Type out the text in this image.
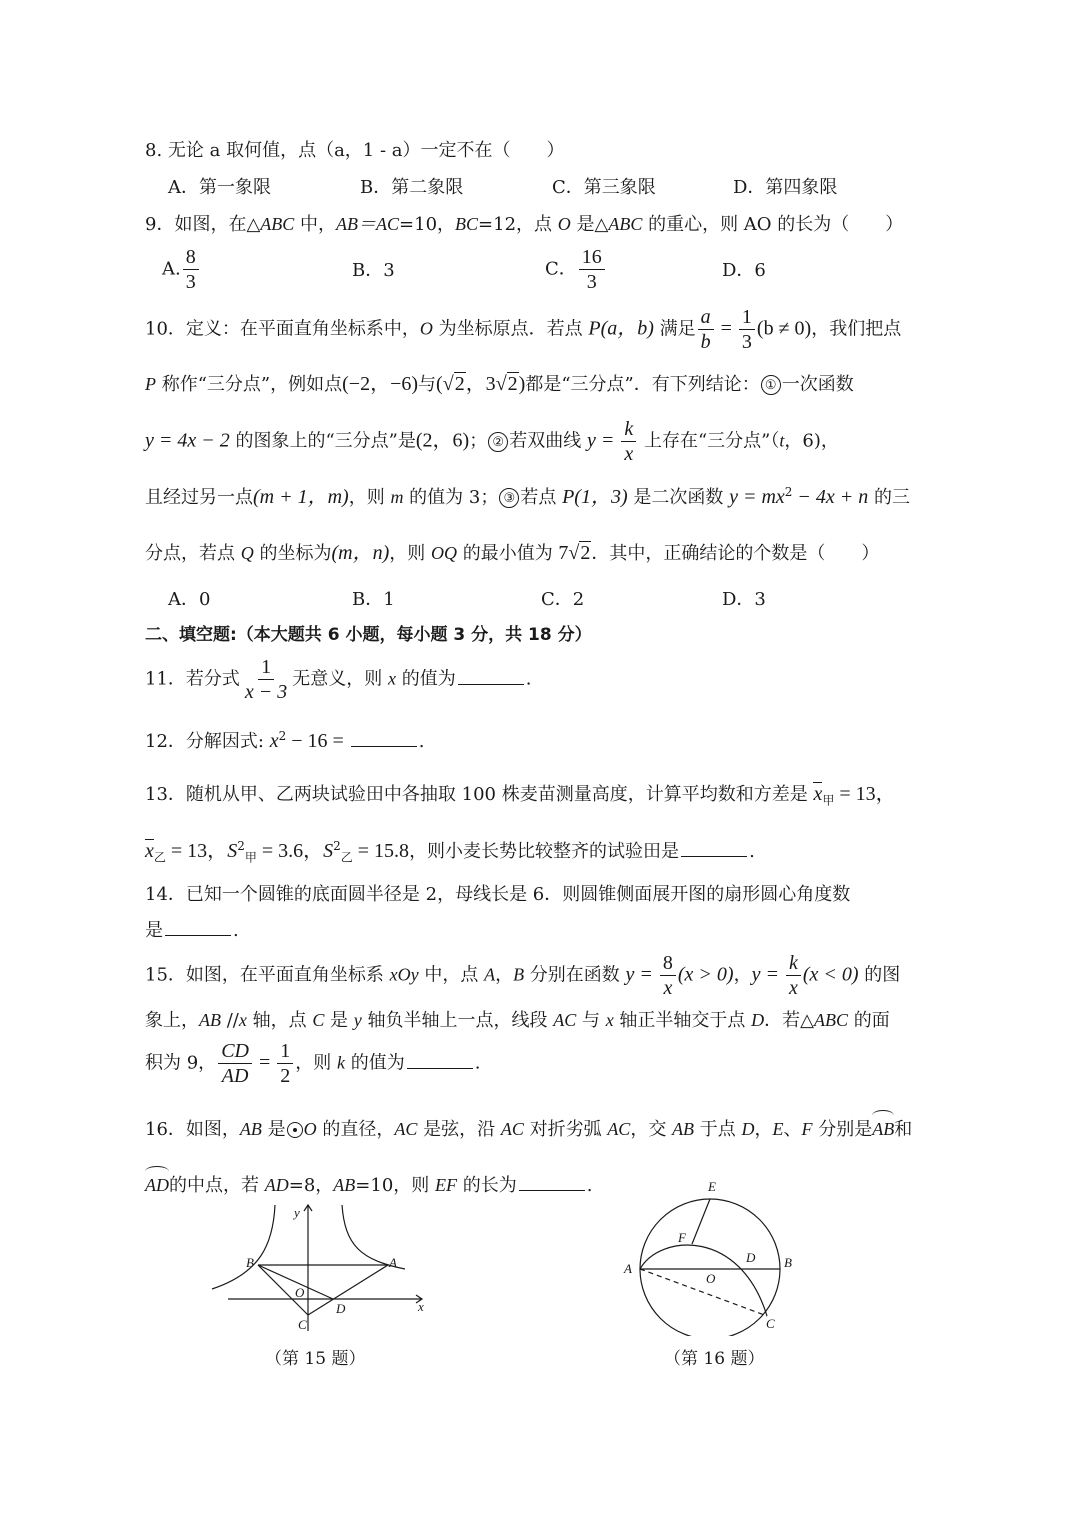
8. 无论 a 取何值，点（a，1 - a）一定不在（　　）
A．第一象限	B．第二象限	C．第三象限	D．第四象限
9．如图，在△ABC 中，AB＝AC=10，BC=12，点 O 是△ABC 的重心，则 AO 的长为（　　）
A. $\frac{8}{3}$	B．3	C． $\frac{16}{3}$	D．6
10．定义：在平面直角坐标系中，O 为坐标原点．若点 P(a，b) 满足 $\frac{a}{b} = \frac{1}{3} (b \ne 0)$，我们把点
P 称作“三分点”，例如点(−2，−6)与(√2，3√2)都是“三分点”．有下列结论： ① 一次函数
y = 4x − 2 的图象上的“三分点”是(2，6)； ② 若双曲线 $y = \frac{k}{x}$ 上存在“三分点”（t，6)，
且经过另一点(m + 1，m)，则 m 的值为 3； ③ 若点 P(1，3) 是二次函数 $y = mx^2 - 4x + n$ 的三
分点，若点 Q 的坐标为(m，n)，则 OQ 的最小值为 7√2．其中，正确结论的个数是（　　）
A．0	B．1	C．2	D．3
二、填空题:（本大题共 6 小题，每小题 3 分，共 18 分）
11．若分式 $\frac{1}{x - 3}$ 无意义，则 x 的值为	.
12．分解因式: $x^2 - 16$ =	.
13．随机从甲、乙两块试验田中各抽取 100 株麦苗测量高度，计算平均数和方差是 $x_甲 = 13$，
$x_乙 = 13$，$S^2_甲 = 3.6$，$S^2_乙 = 15.8$，则小麦长势比较整齐的试验田是	.
14．已知一个圆锥的底面圆半径是 2，母线长是 6．则圆锥侧面展开图的扇形圆心角度数
是	.
15．如图，在平面直角坐标系 xOy 中，点 A，B 分别在函数 $y = \frac{8}{x} (x > 0)$，$y = \frac{k}{x} (x < 0)$ 的图
象上，AB //x 轴，点 C 是 y 轴负半轴上一点，线段 AC 与 x 轴正半轴交于点 D．若△ABC 的面
积为 9， $\frac{CD}{AD} = \frac{1}{2}$ ，则 k 的值为	.
16．如图，AB 是 O 的直径，AC 是弦，沿 AC 对折劣弧 AC，交 AB 于点 D，E、F 分别是AB和
AD的中点，若 AD=8，AB=10，则 EF 的长为	.
y
x
B	A
O
D
C
（第 15 题）
E
F
D B
A
O
C
（第 16 题）
